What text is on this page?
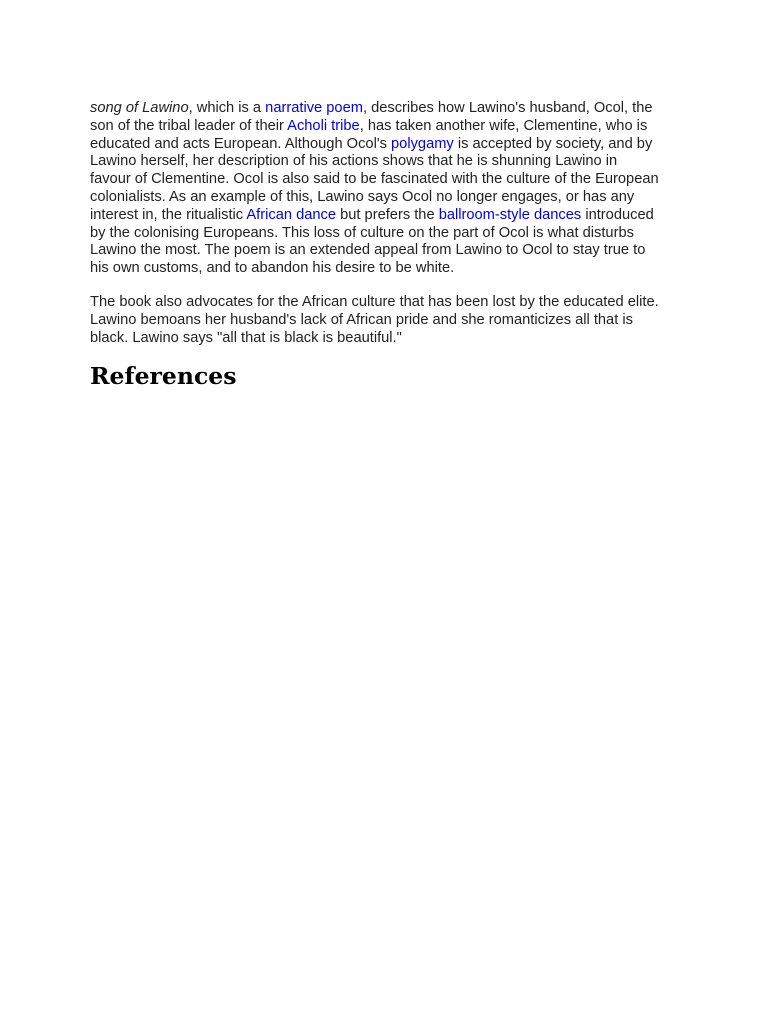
song of Lawino, which is a narrative poem, describes how Lawino's husband, Ocol, the
son of the tribal leader of their Acholi tribe, has taken another wife, Clementine, who is
educated and acts European. Although Ocol's polygamy is accepted by society, and by
Lawino herself, her description of his actions shows that he is shunning Lawino in
favour of Clementine. Ocol is also said to be fascinated with the culture of the European
colonialists. As an example of this, Lawino says Ocol no longer engages, or has any
interest in, the ritualistic African dance but prefers the ballroom-style dances introduced
by the colonising Europeans. This loss of culture on the part of Ocol is what disturbs
Lawino the most. The poem is an extended appeal from Lawino to Ocol to stay true to
his own customs, and to abandon his desire to be white.

The book also advocates for the African culture that has been lost by the educated elite.
Lawino bemoans her husband's lack of African pride and she romanticizes all that is
black. Lawino says "all that is black is beautiful."

References
